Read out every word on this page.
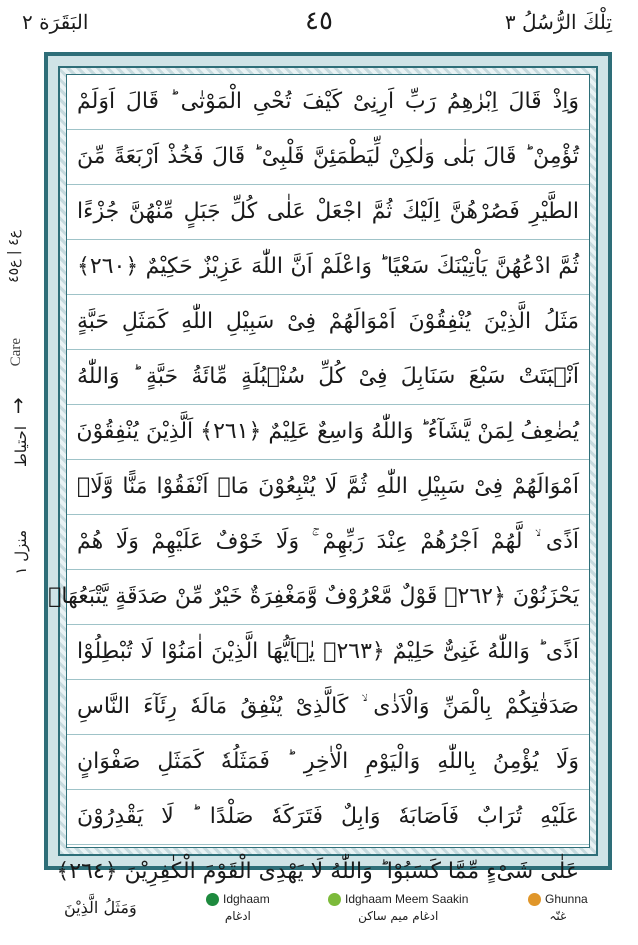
البَقَرَة ٢	٤٥	تِلْكَ الرُّسُلُ ٣
ع٤ | ع٤٥
Care
↑
احتياط
منزل ١
وَاِذْ قَالَ اِبْرٰهِمُ رَبِّ اَرِنِىْ كَيْفَ تُحْىِ الْمَوْتٰى ؕ قَالَ اَوَلَمْ
تُؤْمِنْ ؕ قَالَ بَلٰى وَلٰكِنْ لِّيَطْمَئِنَّ قَلْبِىْ ؕ قَالَ فَخُذْ اَرْبَعَةً مِّنَ
الطَّيْرِ فَصُرْهُنَّ اِلَيْكَ ثُمَّ اجْعَلْ عَلٰى كُلِّ جَبَلٍ مِّنْهُنَّ جُزْءًا
ثُمَّ ادْعُهُنَّ يَاْتِيْنَكَ سَعْيًا ؕ وَاعْلَمْ اَنَّ اللّٰهَ عَزِيْزٌ حَكِيْمٌ ﴿٢٦٠﴾
مَثَلُ الَّذِيْنَ يُنْفِقُوْنَ اَمْوَالَهُمْ فِىْ سَبِيْلِ اللّٰهِ كَمَثَلِ حَبَّةٍ
اَنْۢبَتَتْ سَبْعَ سَنَابِلَ فِىْ كُلِّ سُنْۢبُلَةٍ مِّائَةُ حَبَّةٍ ؕ وَاللّٰهُ
يُضٰعِفُ لِمَنْ يَّشَآءُ ؕ وَاللّٰهُ وَاسِعٌ عَلِيْمٌ ﴿٢٦١﴾ اَلَّذِيْنَ يُنْفِقُوْنَ
اَمْوَالَهُمْ فِىْ سَبِيْلِ اللّٰهِ ثُمَّ لَا يُتْبِعُوْنَ مَاۤ اَنْفَقُوْا مَنًّا وَّلَاۤ
اَذًى ۙ لَّهُمْ اَجْرُهُمْ عِنْدَ رَبِّهِمْ ۚ وَلَا خَوْفٌ عَلَيْهِمْ وَلَا هُمْ
يَحْزَنُوْنَ ﴿٢٦٢﴾ قَوْلٌ مَّعْرُوْفٌ وَّمَغْفِرَةٌ خَيْرٌ مِّنْ صَدَقَةٍ يَّتْبَعُهَاۤ
اَذًى ؕ وَاللّٰهُ غَنِىٌّ حَلِيْمٌ ﴿٢٦٣﴾ يٰۤاَيُّهَا الَّذِيْنَ اٰمَنُوْا لَا تُبْطِلُوْا
صَدَقٰتِكُمْ بِالْمَنِّ وَالْاَذٰى ۙ كَالَّذِىْ يُنْفِقُ مَالَهٗ رِئَآءَ النَّاسِ
وَلَا يُؤْمِنُ بِاللّٰهِ وَالْيَوْمِ الْاٰخِرِ ؕ فَمَثَلُهٗ كَمَثَلِ صَفْوَانٍ
عَلَيْهِ تُرَابٌ فَاَصَابَهٗ وَابِلٌ فَتَرَكَهٗ صَلْدًا ؕ لَا يَقْدِرُوْنَ
عَلٰى شَىْءٍ مِّمَّا كَسَبُوْا ؕ وَاللّٰهُ لَا يَهْدِى الْقَوْمَ الْكٰفِرِيْنَ ﴿٢٦٤﴾
وَمَثَلُ الَّذِيْنَ	Idghaam
ادغام
Idghaam Meem Saakin
ادغام میم ساکن
Ghunna
غنّہ
